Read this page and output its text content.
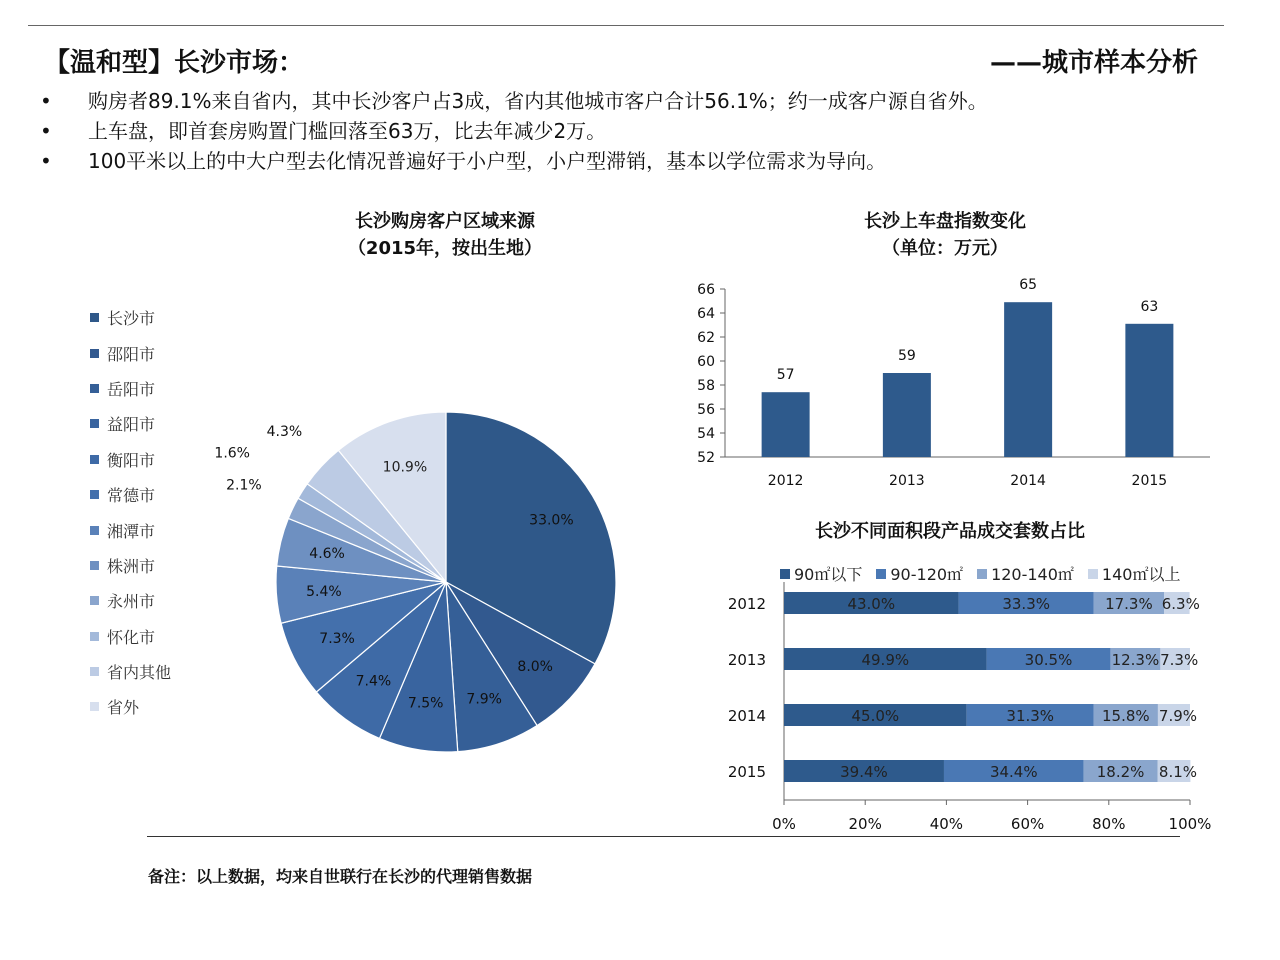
【温和型】长沙市场：	——城市样本分析
• 购房者89.1%来自省内，其中长沙客户占3成，省内其他城市客户合计56.1%；约一成客户源自省外。
• 上车盘，即首套房购置门槛回落至63万，比去年减少2万。
• 100平米以上的中大户型去化情况普遍好于小户型，小户型滞销，基本以学位需求为导向。
长沙购房客户区域来源
（2015年，按出生地）
长沙市
邵阳市
岳阳市
益阳市
衡阳市
常德市
湘潭市
株洲市
永州市
怀化市
省内其他
省外
33.0%
8.0%
7.9%
7.5%
7.4%
7.3%
5.4%
4.6%
2.1%
1.6%
4.3%
10.9%
长沙上车盘指数变化
（单位：万元）
52
54
56
58
60
62
64
66
57
2012
59
2013
65
2014
63
2015
长沙不同面积段产品成交套数占比
90㎡以下 90-120㎡ 120-140㎡ 140㎡以上
0%	20%	40%	60%	80%	100%
2012	43.0%	33.3%	17.3% 6.3%
2013	49.9%	30.5%	12.3% 7.3%
2014	45.0%	31.3%	15.8% 7.9%
2015	39.4%	34.4%	18.2% 8.1%
备注：以上数据，均来自世联行在长沙的代理销售数据
